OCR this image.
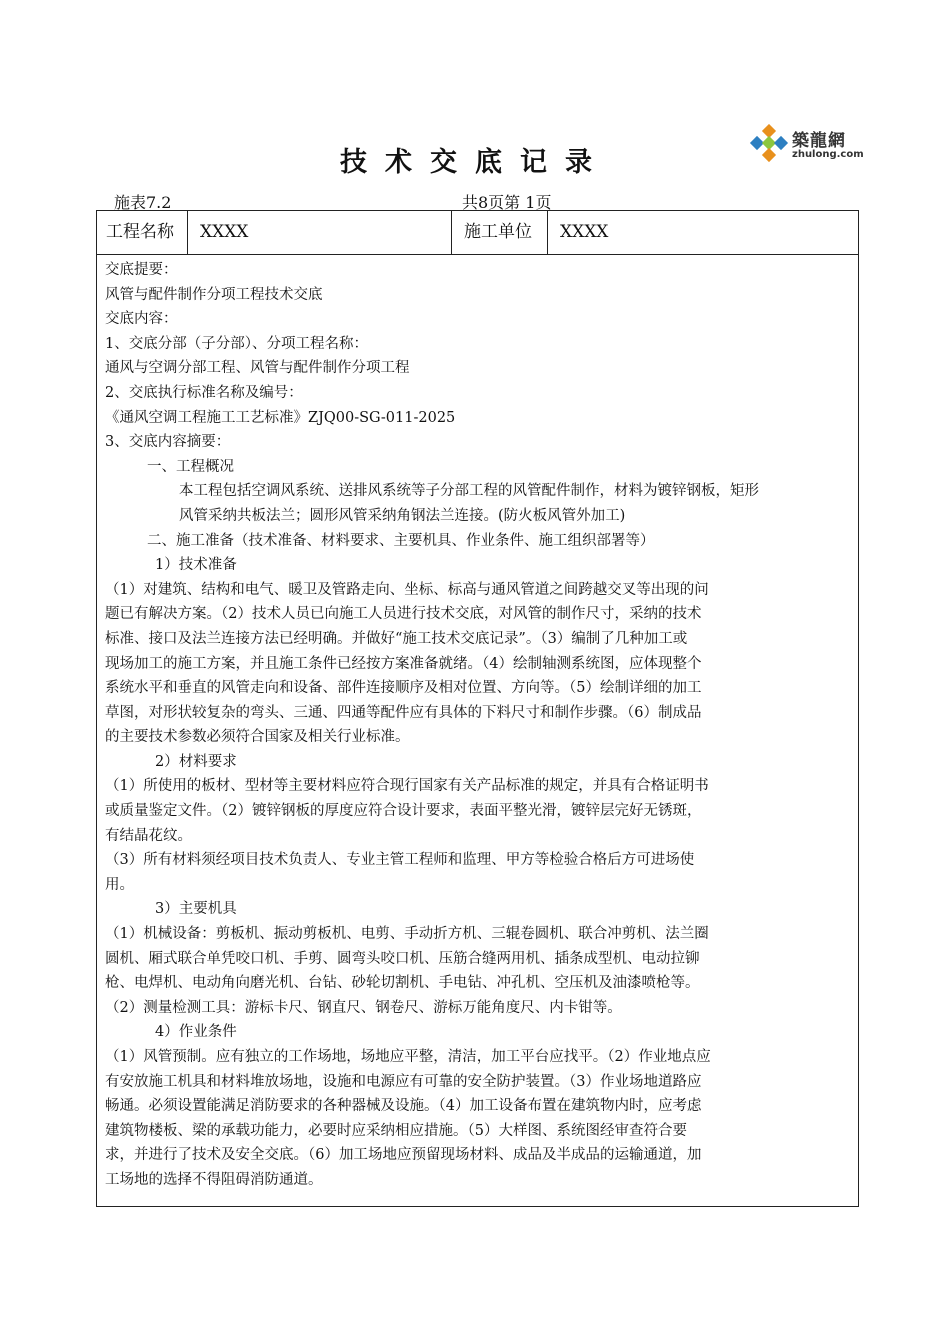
技术交底记录
築龍網
zhulong.com
施表7.2	共8页第 1页
工程名称	XXXX	施工单位	XXXX

交底提要：

风管与配件制作分项工程技术交底

交底内容：

1、交底分部（子分部）、分项工程名称：

通风与空调分部工程、风管与配件制作分项工程

2、交底执行标准名称及编号：

《通风空调工程施工工艺标准》ZJQ00-SG-011-2025

3、交底内容摘要：

一、工程概况

本工程包括空调风系统、送排风系统等子分部工程的风管配件制作，材料为镀锌钢板，矩形

风管采纳共板法兰；圆形风管采纳角钢法兰连接。(防火板风管外加工)

二、施工准备（技术准备、材料要求、主要机具、作业条件、施工组织部署等）

1）技术准备

（1）对建筑、结构和电气、暖卫及管路走向、坐标、标高与通风管道之间跨越交叉等出现的问

题已有解决方案。（2）技术人员已向施工人员进行技术交底，对风管的制作尺寸，采纳的技术

标准、接口及法兰连接方法已经明确。并做好“施工技术交底记录”。（3）编制了几种加工或

现场加工的施工方案，并且施工条件已经按方案准备就绪。（4）绘制轴测系统图，应体现整个

系统水平和垂直的风管走向和设备、部件连接顺序及相对位置、方向等。（5）绘制详细的加工

草图，对形状较复杂的弯头、三通、四通等配件应有具体的下料尺寸和制作步骤。（6）制成品

的主要技术参数必须符合国家及相关行业标准。

2）材料要求

（1）所使用的板材、型材等主要材料应符合现行国家有关产品标准的规定，并具有合格证明书

或质量鉴定文件。（2）镀锌钢板的厚度应符合设计要求，表面平整光滑，镀锌层完好无锈斑，

有结晶花纹。

（3）所有材料须经项目技术负责人、专业主管工程师和监理、甲方等检验合格后方可进场使

用。

3）主要机具

（1）机械设备：剪板机、振动剪板机、电剪、手动折方机、三辊卷圆机、联合冲剪机、法兰圈

圆机、厢式联合单凭咬口机、手剪、圆弯头咬口机、压筋合缝两用机、插条成型机、电动拉铆

枪、电焊机、电动角向磨光机、台钻、砂轮切割机、手电钻、冲孔机、空压机及油漆喷枪等。

（2）测量检测工具：游标卡尺、钢直尺、钢卷尺、游标万能角度尺、内卡钳等。

4）作业条件

（1）风管预制。应有独立的工作场地，场地应平整，清洁，加工平台应找平。（2）作业地点应

有安放施工机具和材料堆放场地，设施和电源应有可靠的安全防护装置。（3）作业场地道路应

畅通。必须设置能满足消防要求的各种器械及设施。（4）加工设备布置在建筑物内时，应考虑

建筑物楼板、梁的承载功能力，必要时应采纳相应措施。（5）大样图、系统图经审查符合要

求，并进行了技术及安全交底。（6）加工场地应预留现场材料、成品及半成品的运输通道，加

工场地的选择不得阻碍消防通道。
